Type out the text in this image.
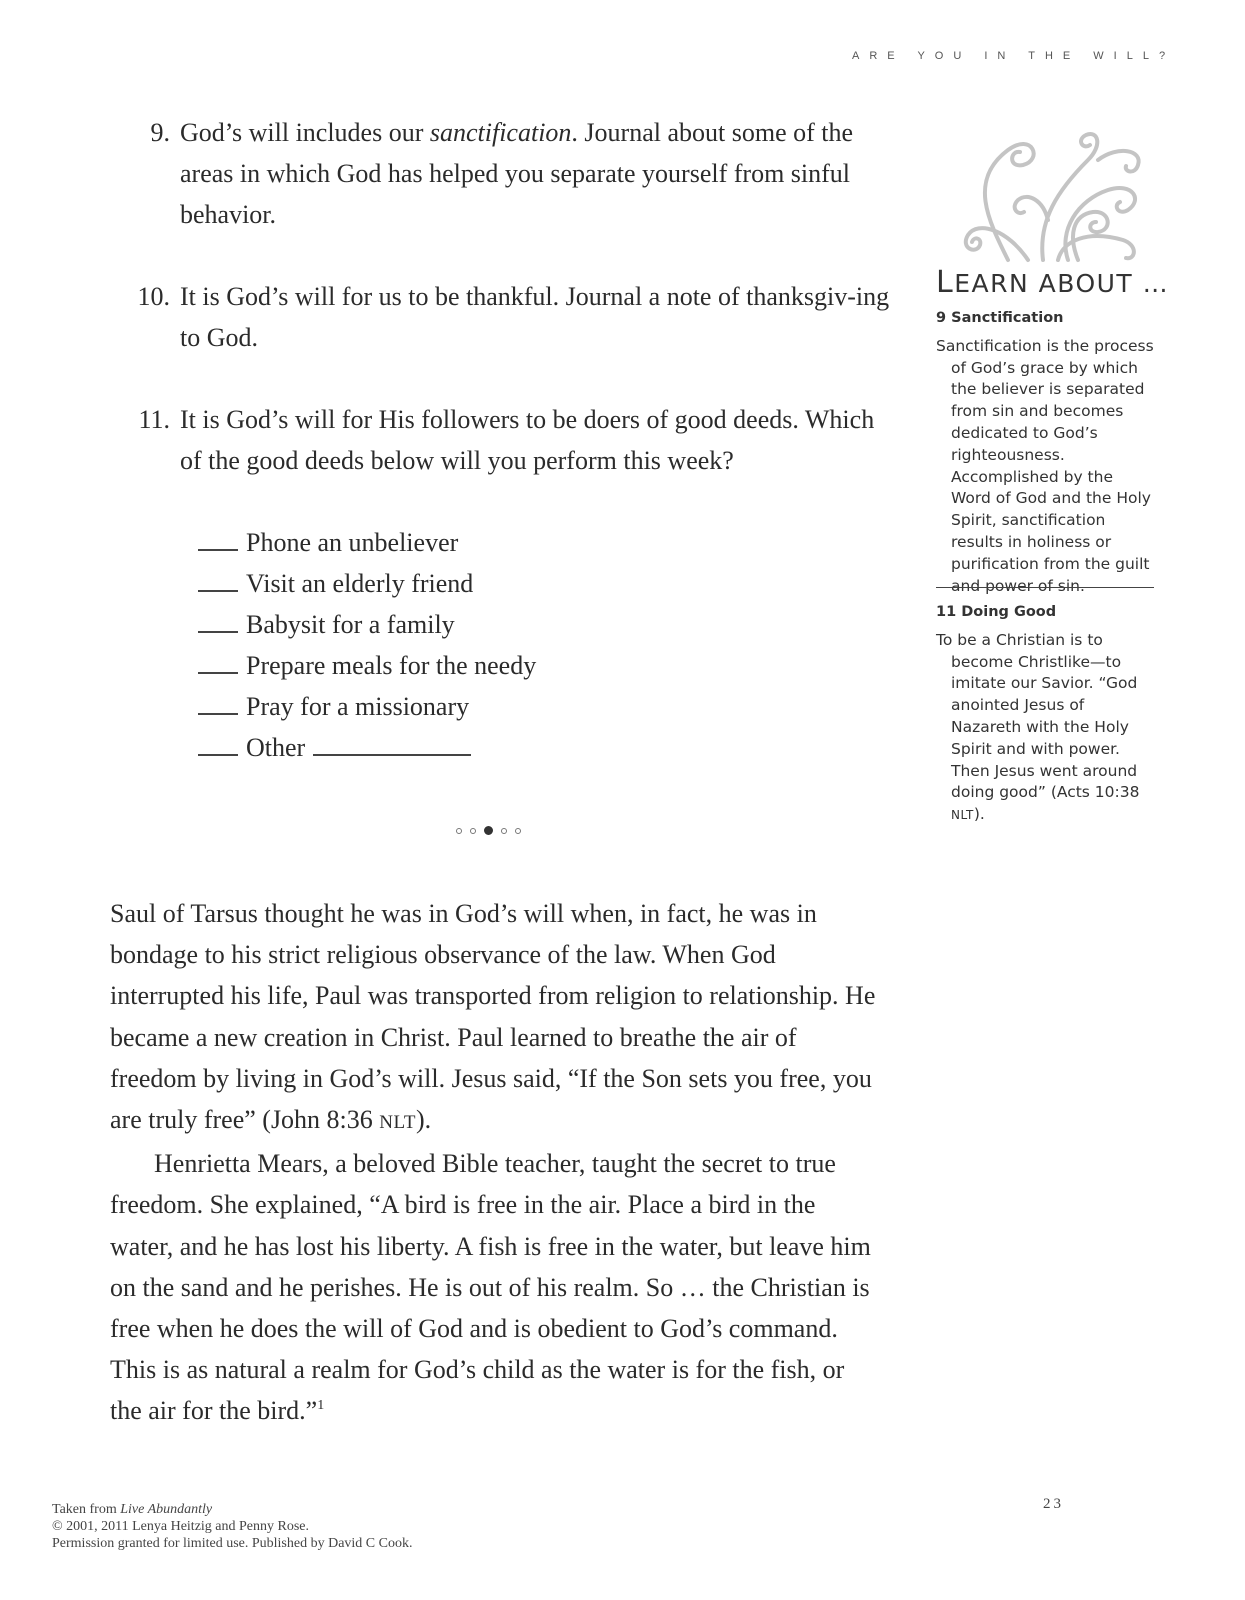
ARE YOU IN THE WILL?
9. God’s will includes our sanctification. Journal about some of the areas in which God has helped you separate yourself from sinful behavior.
10. It is God’s will for us to be thankful. Journal a note of thanksgiv-ing to God.
11. It is God’s will for His followers to be doers of good deeds. Which of the good deeds below will you perform this week?
Phone an unbeliever
Visit an elderly friend
Babysit for a family
Prepare meals for the needy
Pray for a missionary
Other

Saul of Tarsus thought he was in God’s will when, in fact, he was in bondage to his strict religious observance of the law. When God interrupted his life, Paul was transported from religion to relationship. He became a new creation in Christ. Paul learned to breathe the air of freedom by living in God’s will. Jesus said, “If the Son sets you free, you are truly free” (John 8:36 NLT).

Henrietta Mears, a beloved Bible teacher, taught the secret to true freedom. She explained, “A bird is free in the air. Place a bird in the water, and he has lost his liberty. A fish is free in the water, but leave him on the sand and he perishes. He is out of his realm. So … the Christian is free when he does the will of God and is obedient to God’s command. This is as natural a realm for God’s child as the water is for the fish, or the air for the bird.”$^1$

LEARN ABOUT …
9 Sanctification
Sanctification is the process of God’s grace by which the believer is separated from sin and becomes dedicated to God’s righteousness. Accomplished by the Word of God and the Holy Spirit, sanctification results in holiness or purification from the guilt and power of sin.
11 Doing Good
To be a Christian is to become Christlike—to imitate our Savior. “God anointed Jesus of Nazareth with the Holy Spirit and with power. Then Jesus went around doing good” (Acts 10:38 NLT).
Taken from Live Abundantly
© 2001, 2011 Lenya Heitzig and Penny Rose.
Permission granted for limited use. Published by David C Cook.
23
